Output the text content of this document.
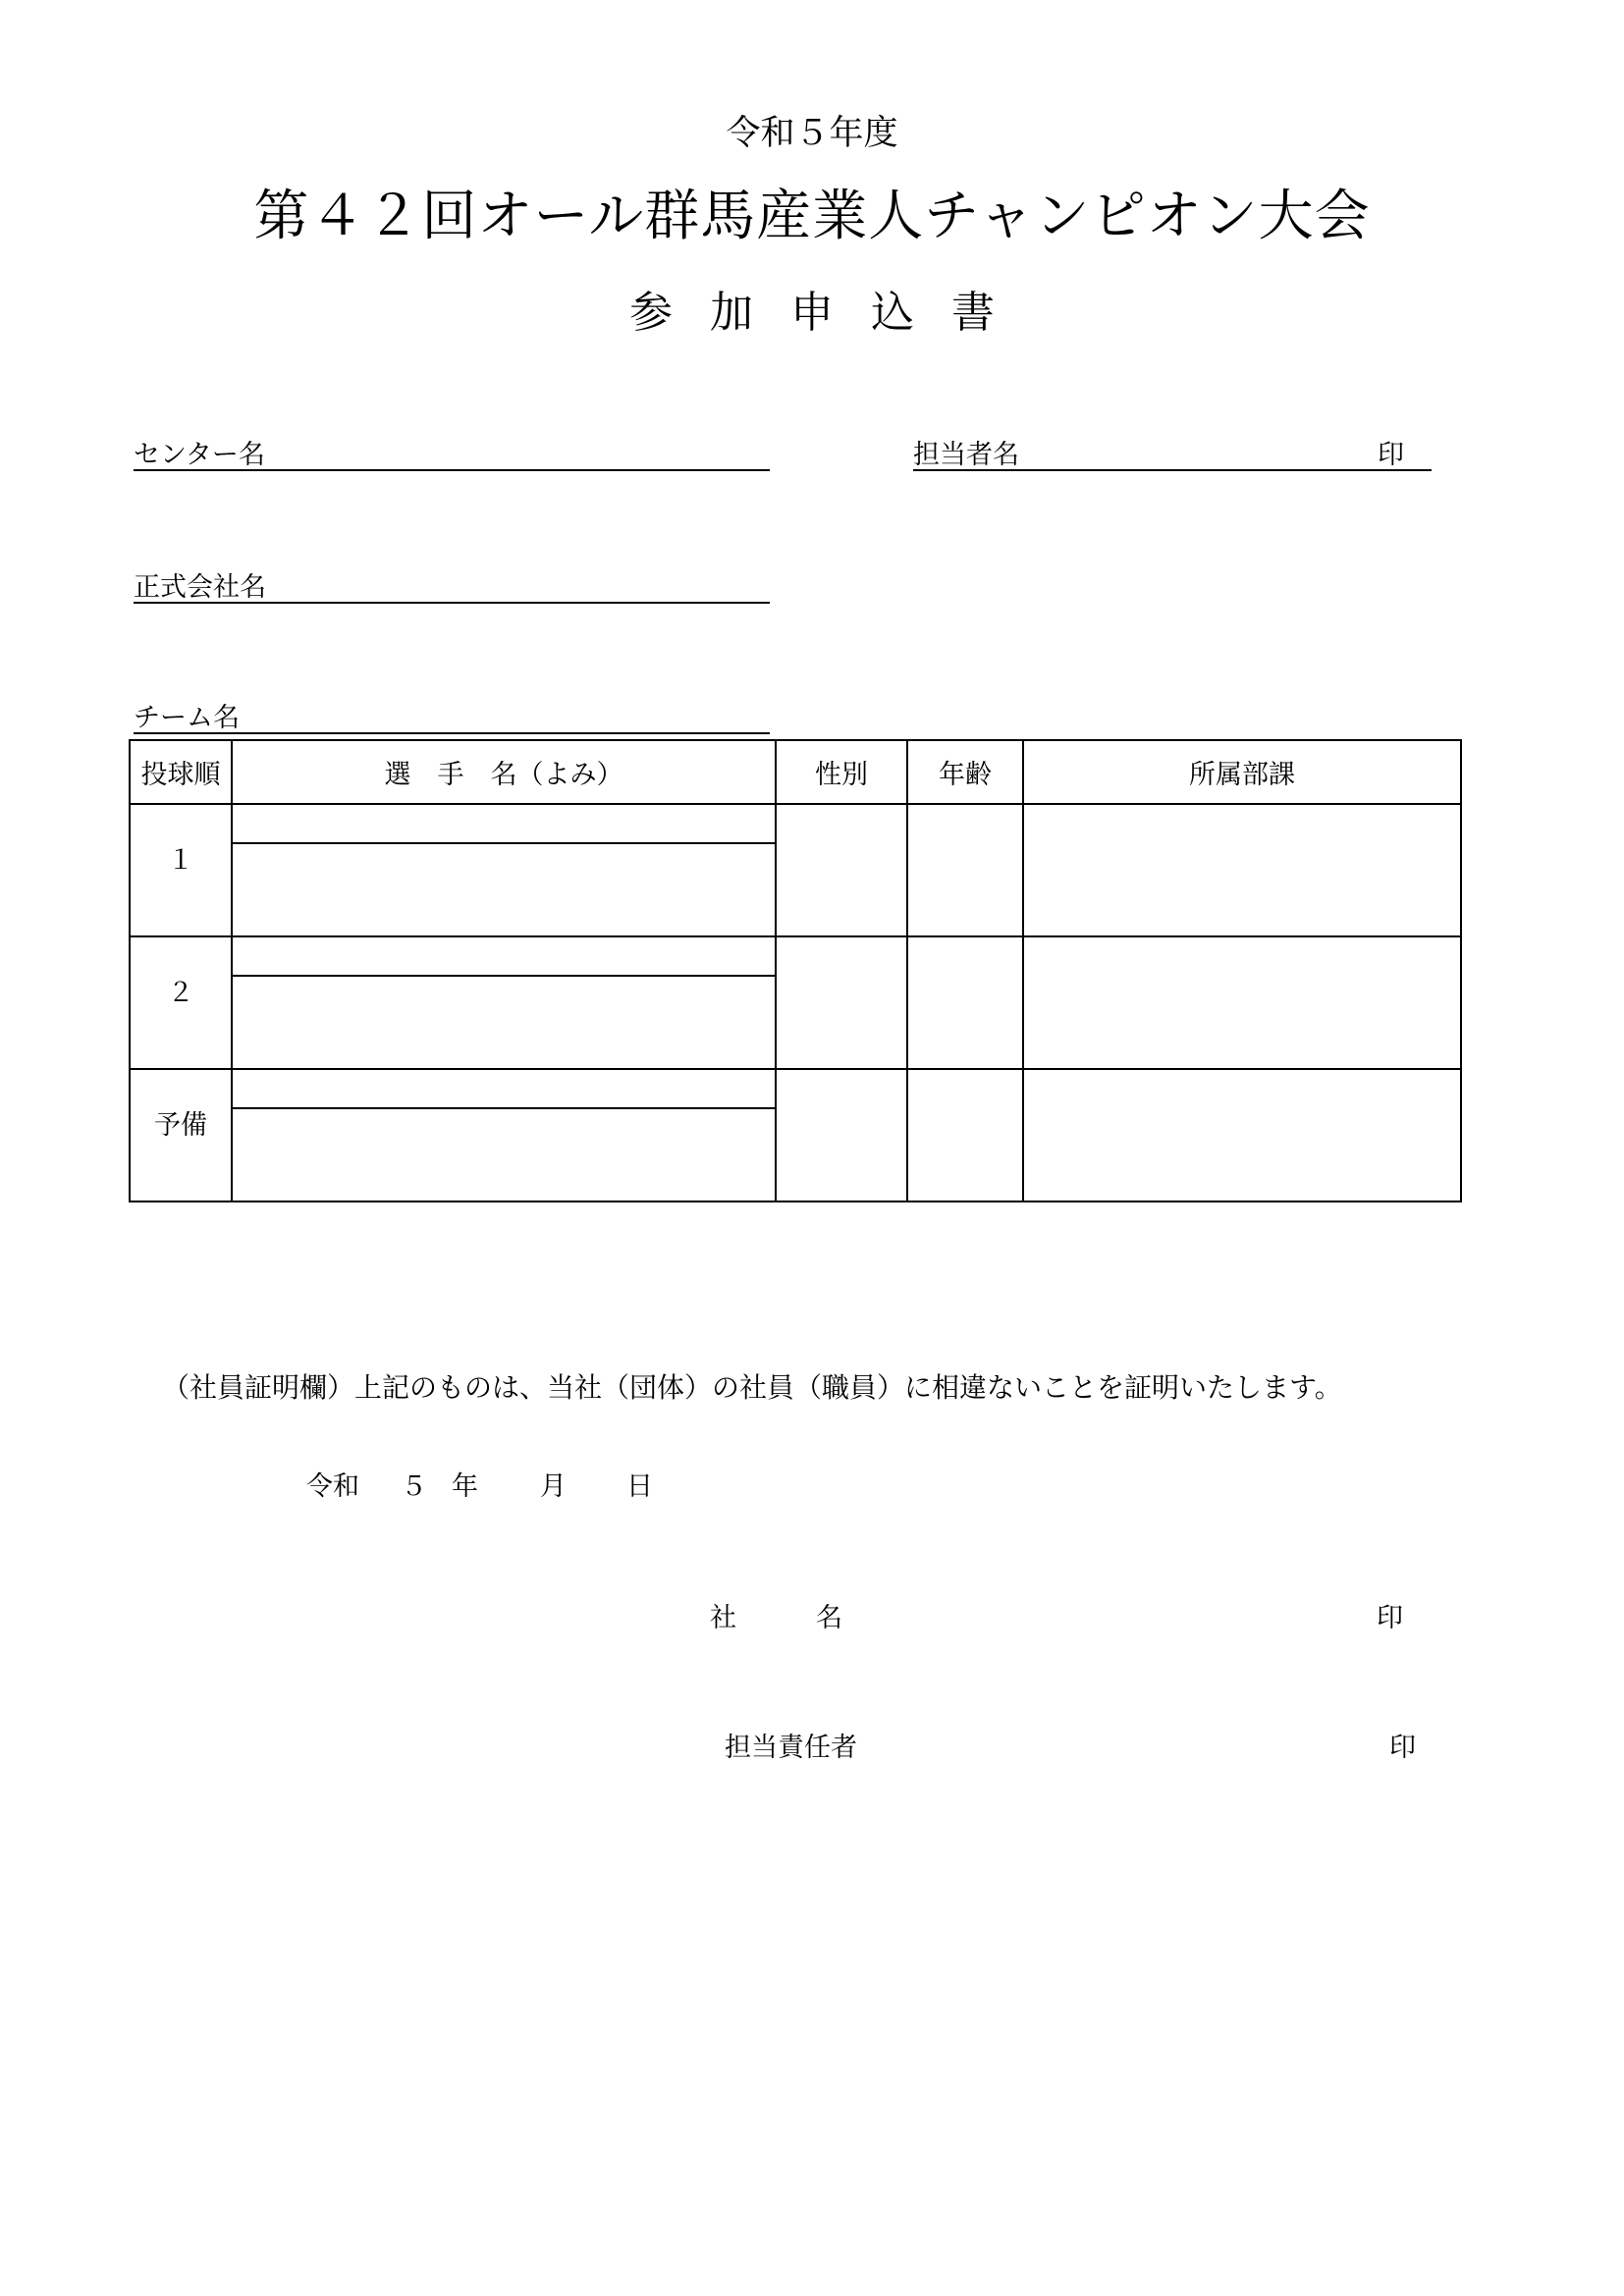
令和５年度
第４２回オール群馬産業人チャンピオン大会
参加申込書
センター名	担当者名	印
正式会社名
チーム名
投球順	選　手　名（よみ）	性別	年齢	所属部課
１	

２	

予備	

（社員証明欄）上記のものは、当社（団体）の社員（職員）に相違ないことを証明いたします。
令和 ５ 年 月 日
社　　　名	印
担当責任者	印
